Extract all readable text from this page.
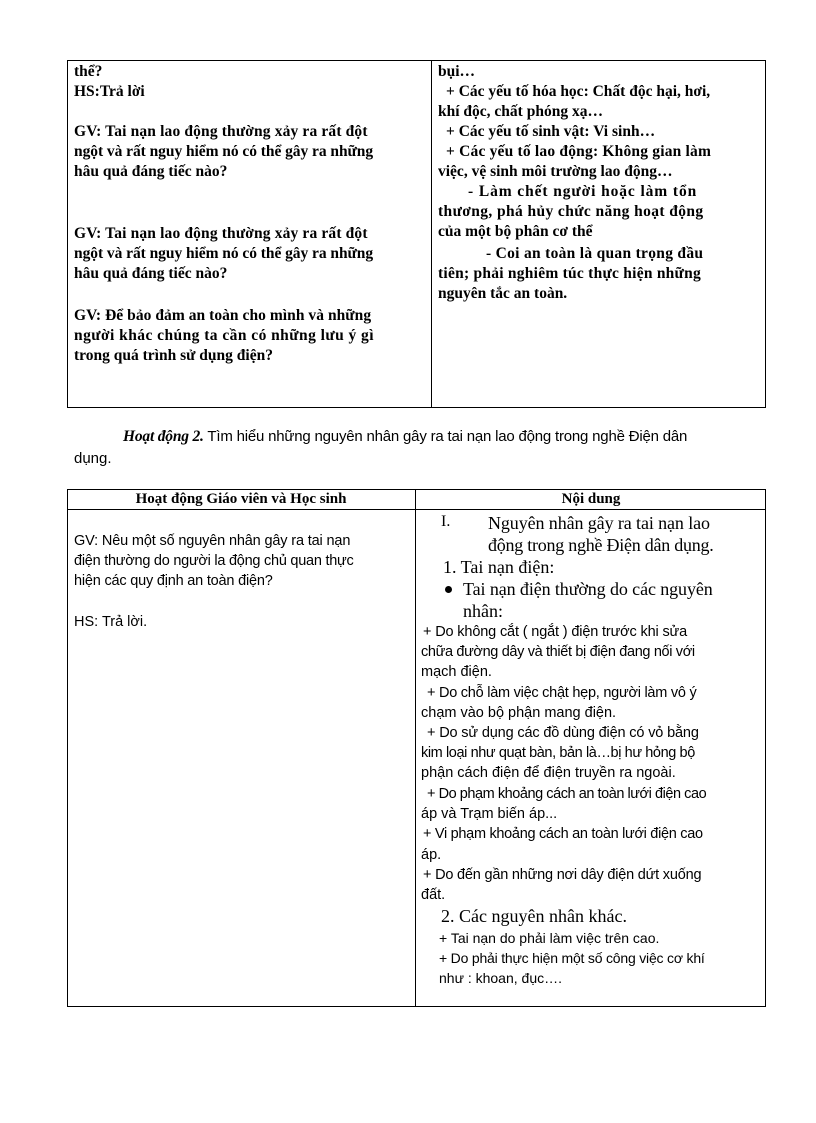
thể?

HS:Trả lời

GV: Tai nạn lao động thường xảy ra rất đột

ngột và rất nguy hiểm nó có thể gây ra những

hâu quả đáng tiếc nào?

GV: Tai nạn lao động thường xảy ra rất đột

ngột và rất nguy hiểm nó có thể gây ra những

hâu quả đáng tiếc nào?

GV: Để bảo đảm an toàn cho mình và những

người khác chúng ta cần có những lưu ý gì

trong quá trình sử dụng điện?

bụi…

+ Các yếu tố hóa học: Chất độc hại, hơi,

khí độc, chất phóng xạ…

+ Các yếu tố sinh vật: Vi sinh…

+ Các yếu tố lao động: Không gian làm

việc, vệ sinh môi trường lao động…

- Làm chết người hoặc làm tổn

thương, phá hủy chức năng hoạt động

của một bộ phân cơ thể

- Coi an toàn là quan trọng đầu

tiên; phải nghiêm túc thực hiện những

nguyên tắc an toàn.

Hoạt động 2. Tìm hiểu những nguyên nhân gây ra tai nạn lao động trong nghề Điện dân

dụng.

Hoạt động Giáo viên và Học sinh	Nội dung

GV: Nêu một số nguyên nhân gây ra tai nạn

điện thường do người la động chủ quan thực

hiện các quy định an toàn điện?

HS: Trả lời.

I. Nguyên nhân gây ra tai nạn lao

động trong nghề Điện dân dụng.

1. Tai nạn điện:

Tai nạn điện thường do các nguyên

nhân:

+ Do không cắt ( ngắt ) điện trước khi sửa

chữa đường dây và thiết bị điện đang nối với

mạch điện.

+ Do chỗ làm việc chật hẹp, người làm vô ý

chạm vào bộ phận mang điện.

+ Do sử dụng các đồ dùng điện có vỏ bằng

kim loại như quạt bàn, bản là…bị hư hỏng bộ

phận cách điện để điện truyền ra ngoài.

+ Do phạm khoảng cách an toàn lưới điện cao

áp và Trạm biến áp...

+ Vi phạm khoảng cách an toàn lưới điện cao

áp.

+ Do đến gần những nơi dây điện dứt xuống

đất.

2. Các nguyên nhân khác.

+ Tai nạn do phải làm việc trên cao.

+ Do phải thực hiện một số công việc cơ khí

như : khoan, đục….
